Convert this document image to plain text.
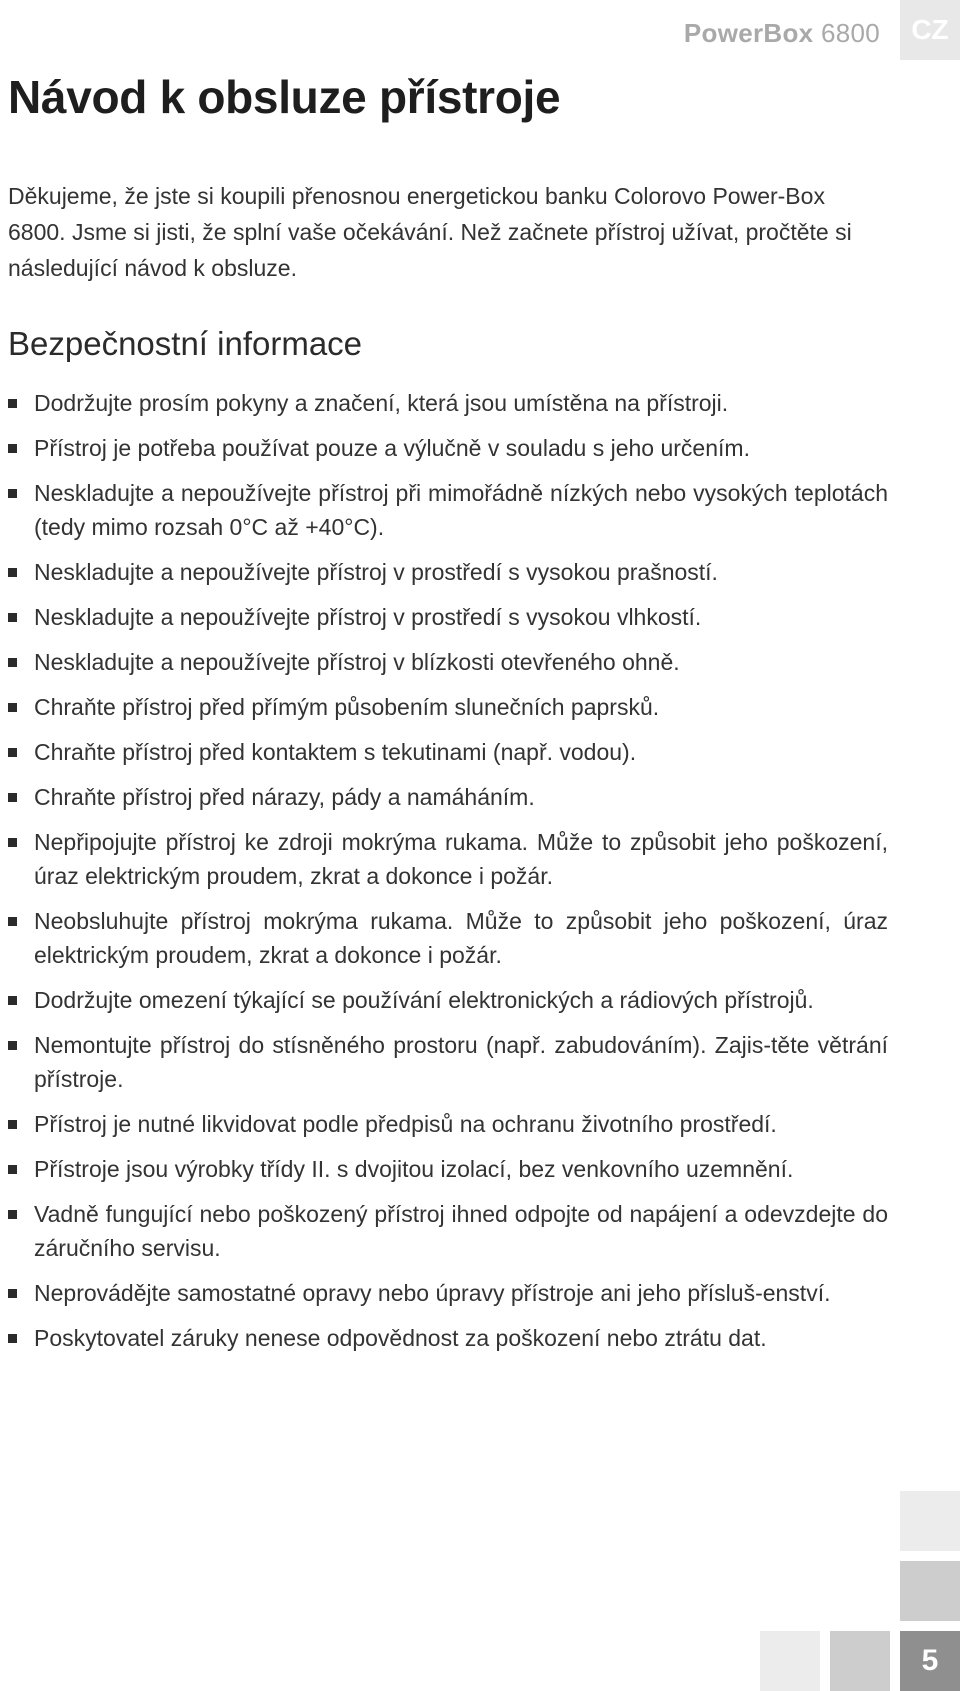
PowerBox 6800	CZ
Návod k obsluze přístroje

Děkujeme, že jste si koupili přenosnou energetickou banku Colorovo Power-Box 6800. Jsme si jisti, že splní vaše očekávání. Než začnete přístroj užívat, pročtěte si následující návod k obsluze.

Bezpečnostní informace
Dodržujte prosím pokyny a značení, která jsou umístěna na přístroji.
Přístroj je potřeba používat pouze a výlučně v souladu s jeho určením.
Neskladujte a nepoužívejte přístroj při mimořádně nízkých nebo vysokých teplotách (tedy mimo rozsah 0°C až +40°C).
Neskladujte a nepoužívejte přístroj v prostředí s vysokou prašností.
Neskladujte a nepoužívejte přístroj v prostředí s vysokou vlhkostí.
Neskladujte a nepoužívejte přístroj v blízkosti otevřeného ohně.
Chraňte přístroj před přímým působením slunečních paprsků.
Chraňte přístroj před kontaktem s tekutinami (např. vodou).
Chraňte přístroj před nárazy, pády a namáháním.
Nepřipojujte přístroj ke zdroji mokrýma rukama. Může to způsobit jeho poškození, úraz elektrickým proudem, zkrat a dokonce i požár.
Neobsluhujte přístroj mokrýma rukama. Může to způsobit jeho poškození, úraz elektrickým proudem, zkrat a dokonce i požár.
Dodržujte omezení týkající se používání elektronických a rádiových přístrojů.
Nemontujte přístroj do stísněného prostoru (např. zabudováním). Zajis-těte větrání přístroje.
Přístroj je nutné likvidovat podle předpisů na ochranu životního prostředí.
Přístroje jsou výrobky třídy II. s dvojitou izolací, bez venkovního uzemnění.
Vadně fungující nebo poškozený přístroj ihned odpojte od napájení a odevzdejte do záručního servisu.
Neprovádějte samostatné opravy nebo úpravy přístroje ani jeho přísluš-enství.
Poskytovatel záruky nenese odpovědnost za poškození nebo ztrátu dat.
5
